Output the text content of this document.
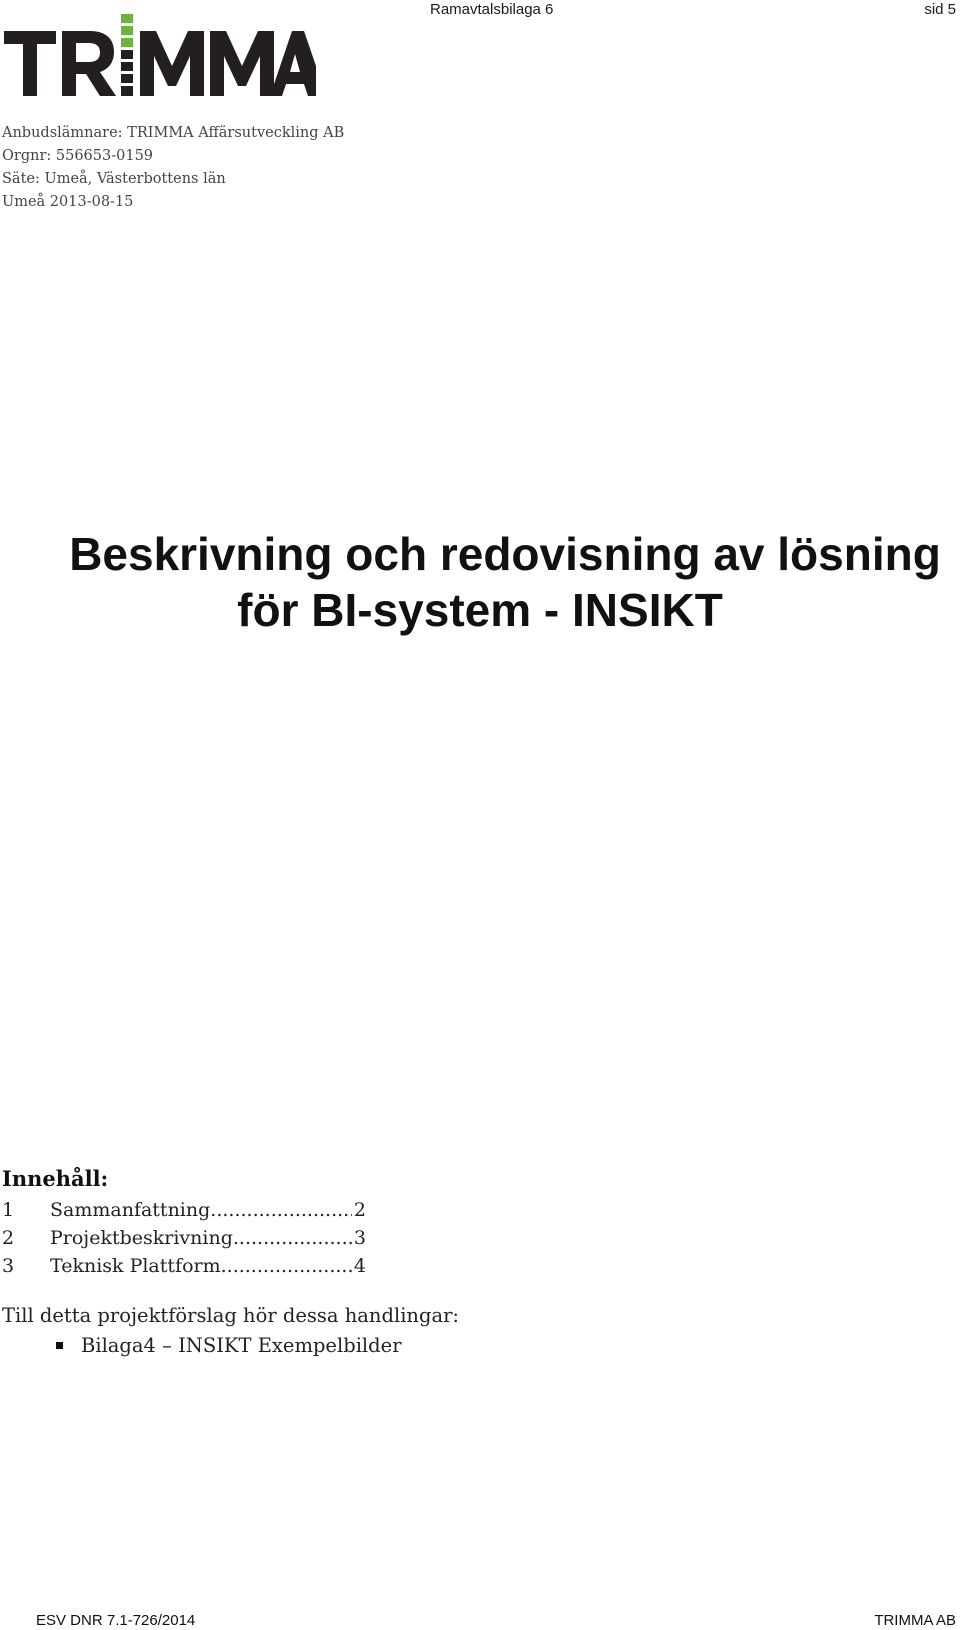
Ramavtalsbilaga 6	sid 5
Anbudslämnare: TRIMMA Affärsutveckling AB
Orgnr: 556653-0159
Säte: Umeå, Västerbottens län
Umeå 2013-08-15
Beskrivning och redovisning av lösning
för BI-system - INSIKT
Innehåll:
1	Sammanfattning .....	2
2	Projektbeskrivning .....	3
3	Teknisk Plattform .....	4
Till detta projektförslag hör dessa handlingar:
Bilaga4 – INSIKT Exempelbilder
ESV DNR 7.1-726/2014	TRIMMA AB
